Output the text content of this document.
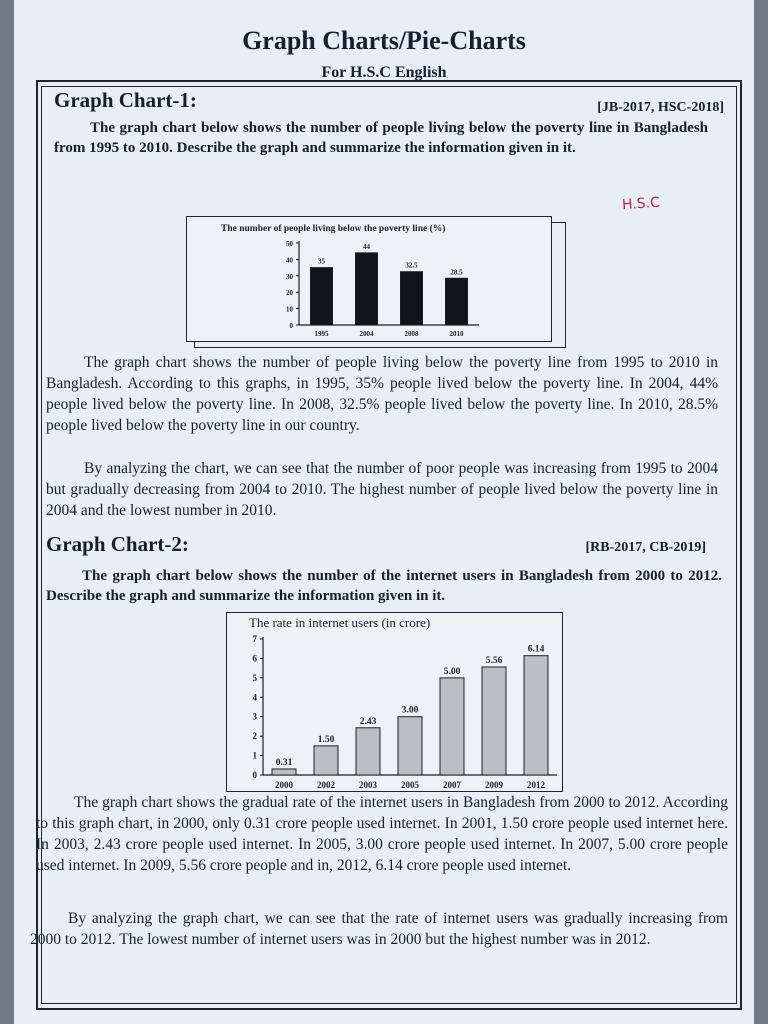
Graph Charts/Pie-Charts
For H.S.C English
Graph Chart-1:	[JB-2017, HSC-2018]
The graph chart below shows the number of people living below the poverty line in Bangladesh from 1995 to 2010. Describe the graph and summarize the information given in it.
H.S.C
The number of people living below the poverty line (%)
0
10
20
30
40
50
35
1995
44
2004
32.5
2008
28.5
2010

The graph chart shows the number of people living below the poverty line from 1995 to 2010 in Bangladesh. According to this graphs, in 1995, 35% people lived below the poverty line. In 2004, 44% people lived below the poverty line. In 2008, 32.5% people lived below the poverty line. In 2010, 28.5% people lived below the poverty line in our country.

By analyzing the chart, we can see that the number of poor people was increasing from 1995 to 2004 but gradually decreasing from 2004 to 2010. The highest number of people lived below the poverty line in 2004 and the lowest number in 2010.

Graph Chart-2:	[RB-2017, CB-2019]
The graph chart below shows the number of the internet users in Bangladesh from 2000 to 2012. Describe the graph and summarize the information given in it.
The rate in internet users (in crore)
0
1
2
3
4
5
6
7
0.31
2000
1.50
2002
2.43
2003
3.00
2005
5.00
2007
5.56
2009
6.14
2012

The graph chart shows the gradual rate of the internet users in Bangladesh from 2000 to 2012. According to this graph chart, in 2000, only 0.31 crore people used internet. In 2001, 1.50 crore people used internet here. In 2003, 2.43 crore people used internet. In 2005, 3.00 crore people used internet. In 2007, 5.00 crore people used internet. In 2009, 5.56 crore people and in, 2012, 6.14 crore people used internet.

By analyzing the graph chart, we can see that the rate of internet users was gradually increasing from 2000 to 2012. The lowest number of internet users was in 2000 but the highest number was in 2012.
